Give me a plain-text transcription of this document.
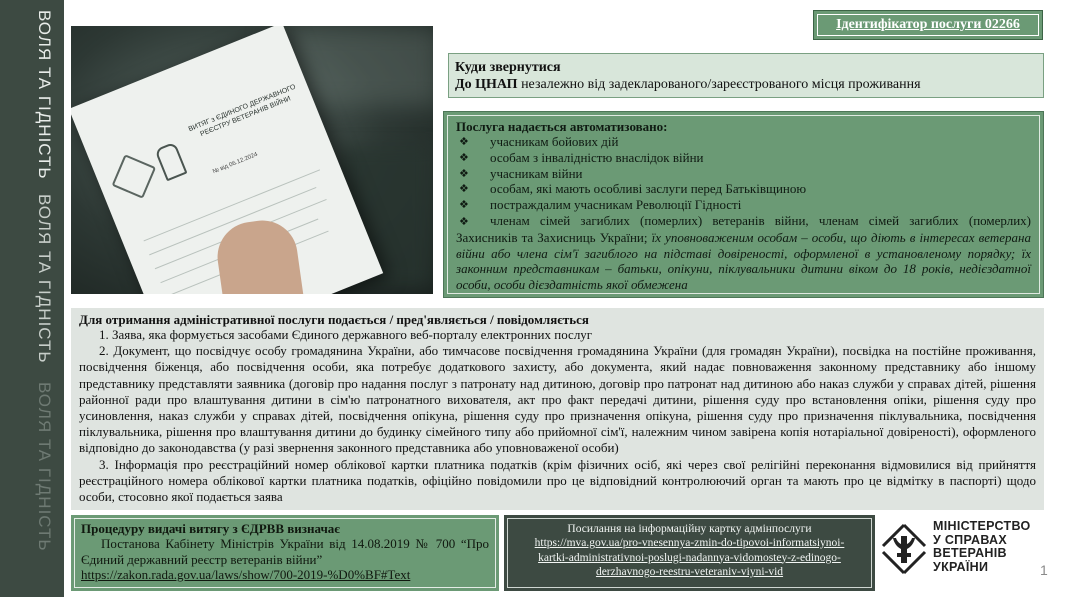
ВОЛЯ ТА ГІДНІСТЬ
ВОЛЯ ТА ГІДНІСТЬ
ВОЛЯ ТА ГІДНІСТЬ
ВИТЯГ з ЄДИНОГО ДЕРЖАВНОГО РЕЄСТРУ ВЕТЕРАНІВ ВІЙНИ
№ від 06.12.2024
Ідентифікатор послуги 02266
Куди звернутися
До ЦНАП незалежно від задекларованого/зареєстрованого місця проживання
Послуга надається автоматизовано:
❖ учасникам бойових дій
❖ особам з інвалідністю внаслідок війни
❖ учасникам війни
❖ особам, які мають особливі заслуги перед Батьківщиною
❖ постраждалим учасникам Революції Гідності
❖ членам сімей загиблих (померлих) ветеранів війни, членам сімей загиблих (померлих) Захисників та Захисниць України; їх уповноваженим особам – особи, що діють в інтересах ветерана війни або члена сім'ї загиблого на підставі довіреності, оформленої в установленому порядку; їх законним представникам – батьки, опікуни, піклувальники дитини віком до 18 років, недієздатної особи, особи дієздатність якої обмежена
Для отримання адміністративної послуги подається / пред'являється / повідомляється

1. Заява, яка формується засобами Єдиного державного веб-порталу електронних послуг

2. Документ, що посвідчує особу громадянина України, або тимчасове посвідчення громадянина України (для громадян України), посвідка на постійне проживання, посвідчення біженця, або посвідчення особи, яка потребує додаткового захисту, або документа, який надає повноваження законному представнику або іншому представнику представляти заявника (договір про надання послуг з патронату над дитиною, договір про патронат над дитиною або наказ служби у справах дітей, рішення районної ради про влаштування дитини в сім'ю патронатного вихователя, акт про факт передачі дитини, рішення суду про встановлення опіки, рішення суду про усиновлення, наказ служби у справах дітей, посвідчення опікуна, рішення суду про призначення опікуна, рішення суду про призначення піклувальника, посвідчення піклувальника, рішення про влаштування дитини до будинку сімейного типу або прийомної сім'ї, належним чином завірена копія нотаріальної довіреності), оформленого відповідно до законодавства (у разі звернення законного представника або уповноваженої особи)

3. Інформація про реєстраційний номер облікової картки платника податків (крім фізичних осіб, які через свої релігійні переконання відмовилися від прийняття реєстраційного номера облікової картки платника податків, офіційно повідомили про це відповідний контролюючий орган та мають про це відмітку в паспорті) щодо особи, стосовно якої подається заява

Процедуру видачі витягу з ЄДРВВ визначає
Постанова Кабінету Міністрів України від 14.08.2019 № 700 “Про Єдиний державний реєстр ветеранів війни”
https://zakon.rada.gov.ua/laws/show/700-2019-%D0%BF#Text
Посилання на інформаційну картку адмінпослуги
https://mva.gov.ua/pro-vnesennya-zmin-do-tipovoi-informatsiynoi-
kartki-administrativnoi-poslugi-nadannya-vidomostey-z-edinogo-
derzhavnogo-reestru-veteraniv-viyni-vid
МІНІСТЕРСТВО
У СПРАВАХ
ВЕТЕРАНІВ
УКРАЇНИ	1
